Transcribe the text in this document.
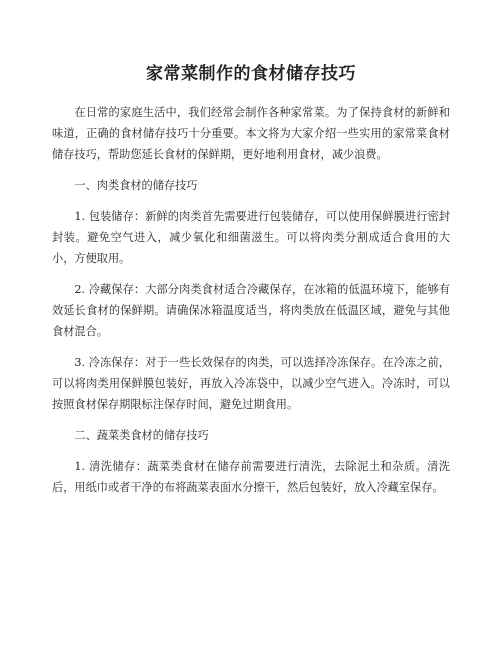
家常菜制作的食材储存技巧

在日常的家庭生活中，我们经常会制作各种家常菜。为了保持食材的新鲜和味道，正确的食材储存技巧十分重要。本文将为大家介绍一些实用的家常菜食材储存技巧，帮助您延长食材的保鲜期，更好地利用食材，减少浪费。

一、肉类食材的储存技巧

1. 包装储存：新鲜的肉类首先需要进行包装储存，可以使用保鲜膜进行密封封装。避免空气进入，减少氧化和细菌滋生。可以将肉类分割成适合食用的大小，方便取用。

2. 冷藏保存：大部分肉类食材适合冷藏保存，在冰箱的低温环境下，能够有效延长食材的保鲜期。请确保冰箱温度适当，将肉类放在低温区域，避免与其他食材混合。

3. 冷冻保存：对于一些长效保存的肉类，可以选择冷冻保存。在冷冻之前，可以将肉类用保鲜膜包装好，再放入冷冻袋中，以减少空气进入。冷冻时，可以按照食材保存期限标注保存时间，避免过期食用。

二、蔬菜类食材的储存技巧

1. 清洗储存：蔬菜类食材在储存前需要进行清洗，去除泥土和杂质。清洗后，用纸巾或者干净的布将蔬菜表面水分擦干，然后包装好，放入冷藏室保存。
